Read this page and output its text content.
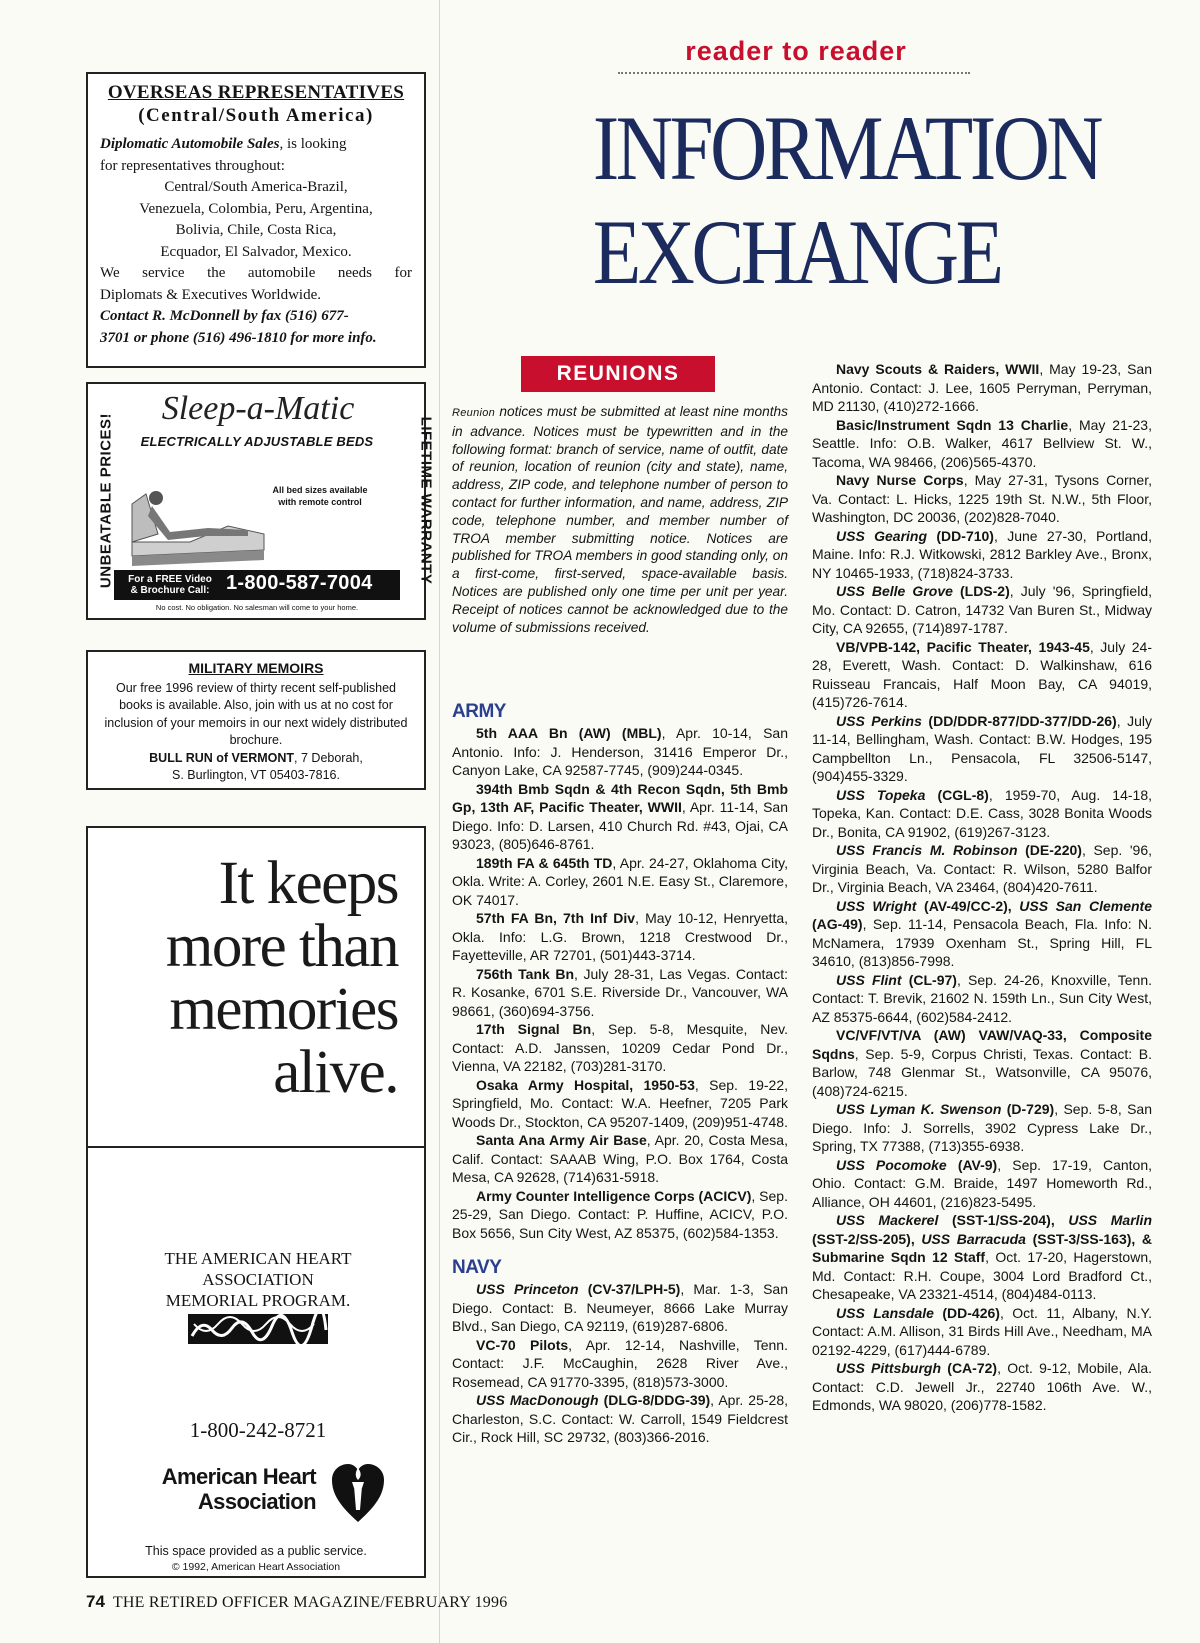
OVERSEAS REPRESENTATIVES
(Central/South America)
Diplomatic Automobile Sales, is looking
for representatives throughout:
Central/South America-Brazil,
Venezuela, Colombia, Peru, Argentina,
Bolivia, Chile, Costa Rica,
Ecquador, El Salvador, Mexico.
We service the automobile needs for
Diplomats & Executives Worldwide.
Contact R. McDonnell by fax (516) 677-
3701 or phone (516) 496-1810 for more info.
UNBEATABLE PRICES!	LIFETIME WARRANTY
Sleep-a-Matic
ELECTRICALLY ADJUSTABLE BEDS
All bed sizes available
with remote control
For a FREE Video
& Brochure Call: 1-800-587-7004
No cost. No obligation. No salesman will come to your home.
MILITARY MEMOIRS
Our free 1996 review of thirty recent self-published books is available. Also, join with us at no cost for inclusion of your memoirs in our next widely distributed brochure.
BULL RUN of VERMONT, 7 Deborah,
S. Burlington, VT 05403-7816.
It keeps
more than
memories
alive.
THE AMERICAN HEART
ASSOCIATION
MEMORIAL PROGRAM.
1-800-242-8721
American Heart
Association
This space provided as a public service.
© 1992, American Heart Association
74 THE RETIRED OFFICER MAGAZINE/FEBRUARY 1996
reader to reader
INFORMATION
EXCHANGE
REUNIONS
Reunion notices must be submitted at least nine months in advance. Notices must be typewritten and in the following format: branch of service, name of outfit, date of reunion, location of reunion (city and state), name, address, ZIP code, and telephone number of person to contact for further information, and name, address, ZIP code, telephone number, and member number of TROA member submitting notice. Notices are published for TROA members in good standing only, on a first-come, first-served, space-available basis. Notices are published only one time per unit per year. Receipt of notices cannot be acknowledged due to the volume of submissions received.
ARMY

5th AAA Bn (AW) (MBL), Apr. 10-14, San Antonio. Info: J. Henderson, 31416 Emperor Dr., Canyon Lake, CA 92587-7745, (909)244-0345.

394th Bmb Sqdn & 4th Recon Sqdn, 5th Bmb Gp, 13th AF, Pacific Theater, WWII, Apr. 11-14, San Diego. Info: D. Larsen, 410 Church Rd. #43, Ojai, CA 93023, (805)646-8761.

189th FA & 645th TD, Apr. 24-27, Oklahoma City, Okla. Write: A. Corley, 2601 N.E. Easy St., Claremore, OK 74017.

57th FA Bn, 7th Inf Div, May 10-12, Henryetta, Okla. Info: L.G. Brown, 1218 Crestwood Dr., Fayetteville, AR 72701, (501)443-3714.

756th Tank Bn, July 28-31, Las Vegas. Contact: R. Kosanke, 6701 S.E. Riverside Dr., Vancouver, WA 98661, (360)694-3756.

17th Signal Bn, Sep. 5-8, Mesquite, Nev. Contact: A.D. Janssen, 10209 Cedar Pond Dr., Vienna, VA 22182, (703)281-3170.

Osaka Army Hospital, 1950-53, Sep. 19-22, Springfield, Mo. Contact: W.A. Heefner, 7205 Park Woods Dr., Stockton, CA 95207-1409, (209)951-4748.

Santa Ana Army Air Base, Apr. 20, Costa Mesa, Calif. Contact: SAAAB Wing, P.O. Box 1764, Costa Mesa, CA 92628, (714)631-5918.

Army Counter Intelligence Corps (ACICV), Sep. 25-29, San Diego. Contact: P. Huffine, ACICV, P.O. Box 5656, Sun City West, AZ 85375, (602)584-1353.

NAVY

USS Princeton (CV-37/LPH-5), Mar. 1-3, San Diego. Contact: B. Neumeyer, 8666 Lake Murray Blvd., San Diego, CA 92119, (619)287-6806.

VC-70 Pilots, Apr. 12-14, Nashville, Tenn. Contact: J.F. McCaughin, 2628 River Ave., Rosemead, CA 91770-3395, (818)573-3000.

USS MacDonough (DLG-8/DDG-39), Apr. 25-28, Charleston, S.C. Contact: W. Carroll, 1549 Fieldcrest Cir., Rock Hill, SC 29732, (803)366-2016.

Navy Scouts & Raiders, WWII, May 19-23, San Antonio. Contact: J. Lee, 1605 Perryman, Perryman, MD 21130, (410)272-1666.

Basic/Instrument Sqdn 13 Charlie, May 21-23, Seattle. Info: O.B. Walker, 4617 Bellview St. W., Tacoma, WA 98466, (206)565-4370.

Navy Nurse Corps, May 27-31, Tysons Corner, Va. Contact: L. Hicks, 1225 19th St. N.W., 5th Floor, Washington, DC 20036, (202)828-7040.

USS Gearing (DD-710), June 27-30, Portland, Maine. Info: R.J. Witkowski, 2812 Barkley Ave., Bronx, NY 10465-1933, (718)824-3733.

USS Belle Grove (LDS-2), July '96, Springfield, Mo. Contact: D. Catron, 14732 Van Buren St., Midway City, CA 92655, (714)897-1787.

VB/VPB-142, Pacific Theater, 1943-45, July 24-28, Everett, Wash. Contact: D. Walkinshaw, 616 Ruisseau Francais, Half Moon Bay, CA 94019, (415)726-7614.

USS Perkins (DD/DDR-877/DD-377/DD-26), July 11-14, Bellingham, Wash. Contact: B.W. Hodges, 195 Campbellton Ln., Pensacola, FL 32506-5147, (904)455-3329.

USS Topeka (CGL-8), 1959-70, Aug. 14-18, Topeka, Kan. Contact: D.E. Cass, 3028 Bonita Woods Dr., Bonita, CA 91902, (619)267-3123.

USS Francis M. Robinson (DE-220), Sep. '96, Virginia Beach, Va. Contact: R. Wilson, 5280 Balfor Dr., Virginia Beach, VA 23464, (804)420-7611.

USS Wright (AV-49/CC-2), USS San Clemente (AG-49), Sep. 11-14, Pensacola Beach, Fla. Info: N. McNamera, 17939 Oxenham St., Spring Hill, FL 34610, (813)856-7998.

USS Flint (CL-97), Sep. 24-26, Knoxville, Tenn. Contact: T. Brevik, 21602 N. 159th Ln., Sun City West, AZ 85375-6644, (602)584-2412.

VC/VF/VT/VA (AW) VAW/VAQ-33, Composite Sqdns, Sep. 5-9, Corpus Christi, Texas. Contact: B. Barlow, 748 Glenmar St., Watsonville, CA 95076, (408)724-6215.

USS Lyman K. Swenson (D-729), Sep. 5-8, San Diego. Info: J. Sorrells, 3902 Cypress Lake Dr., Spring, TX 77388, (713)355-6938.

USS Pocomoke (AV-9), Sep. 17-19, Canton, Ohio. Contact: G.M. Braide, 1497 Homeworth Rd., Alliance, OH 44601, (216)823-5495.

USS Mackerel (SST-1/SS-204), USS Marlin (SST-2/SS-205), USS Barracuda (SST-3/SS-163), & Submarine Sqdn 12 Staff, Oct. 17-20, Hagerstown, Md. Contact: R.H. Coupe, 3004 Lord Bradford Ct., Chesapeake, VA 23321-4514, (804)484-0113.

USS Lansdale (DD-426), Oct. 11, Albany, N.Y. Contact: A.M. Allison, 31 Birds Hill Ave., Needham, MA 02192-4229, (617)444-6789.

USS Pittsburgh (CA-72), Oct. 9-12, Mobile, Ala. Contact: C.D. Jewell Jr., 22740 106th Ave. W., Edmonds, WA 98020, (206)778-1582.
